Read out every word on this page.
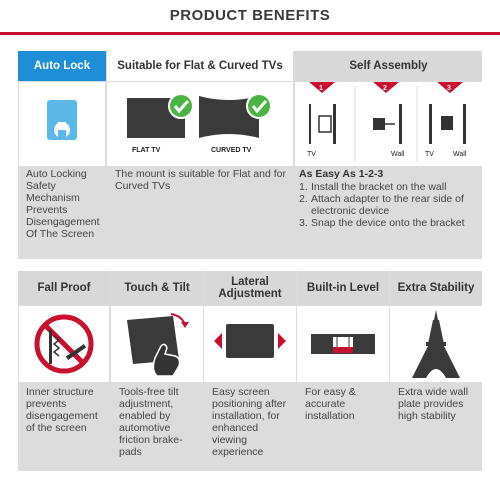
PRODUCT BENEFITS
Auto Lock
Auto Locking Safety Mechanism Prevents Disengagement Of The Screen
Suitable for Flat & Curved TVs
FLAT TV	CURVED TV
The mount is suitable for Flat and for Curved TVs
Self Assembly
1
TV
2
Wall
3
TV	Wall
As Easy As 1-2-3
1. Install the bracket on the wall
2. Attach adapter to the rear side of electronic device
3. Snap the device onto the bracket
Fall Proof
Inner structure prevents disengagement of the screen
Touch & Tilt
Tools-free tilt adjustment, enabled by automotive friction brake-pads
Lateral Adjustment
Easy screen positioning after installation, for enhanced viewing experience
Built-in Level
For easy & accurate installation
Extra Stability
Extra wide wall plate provides high stability
